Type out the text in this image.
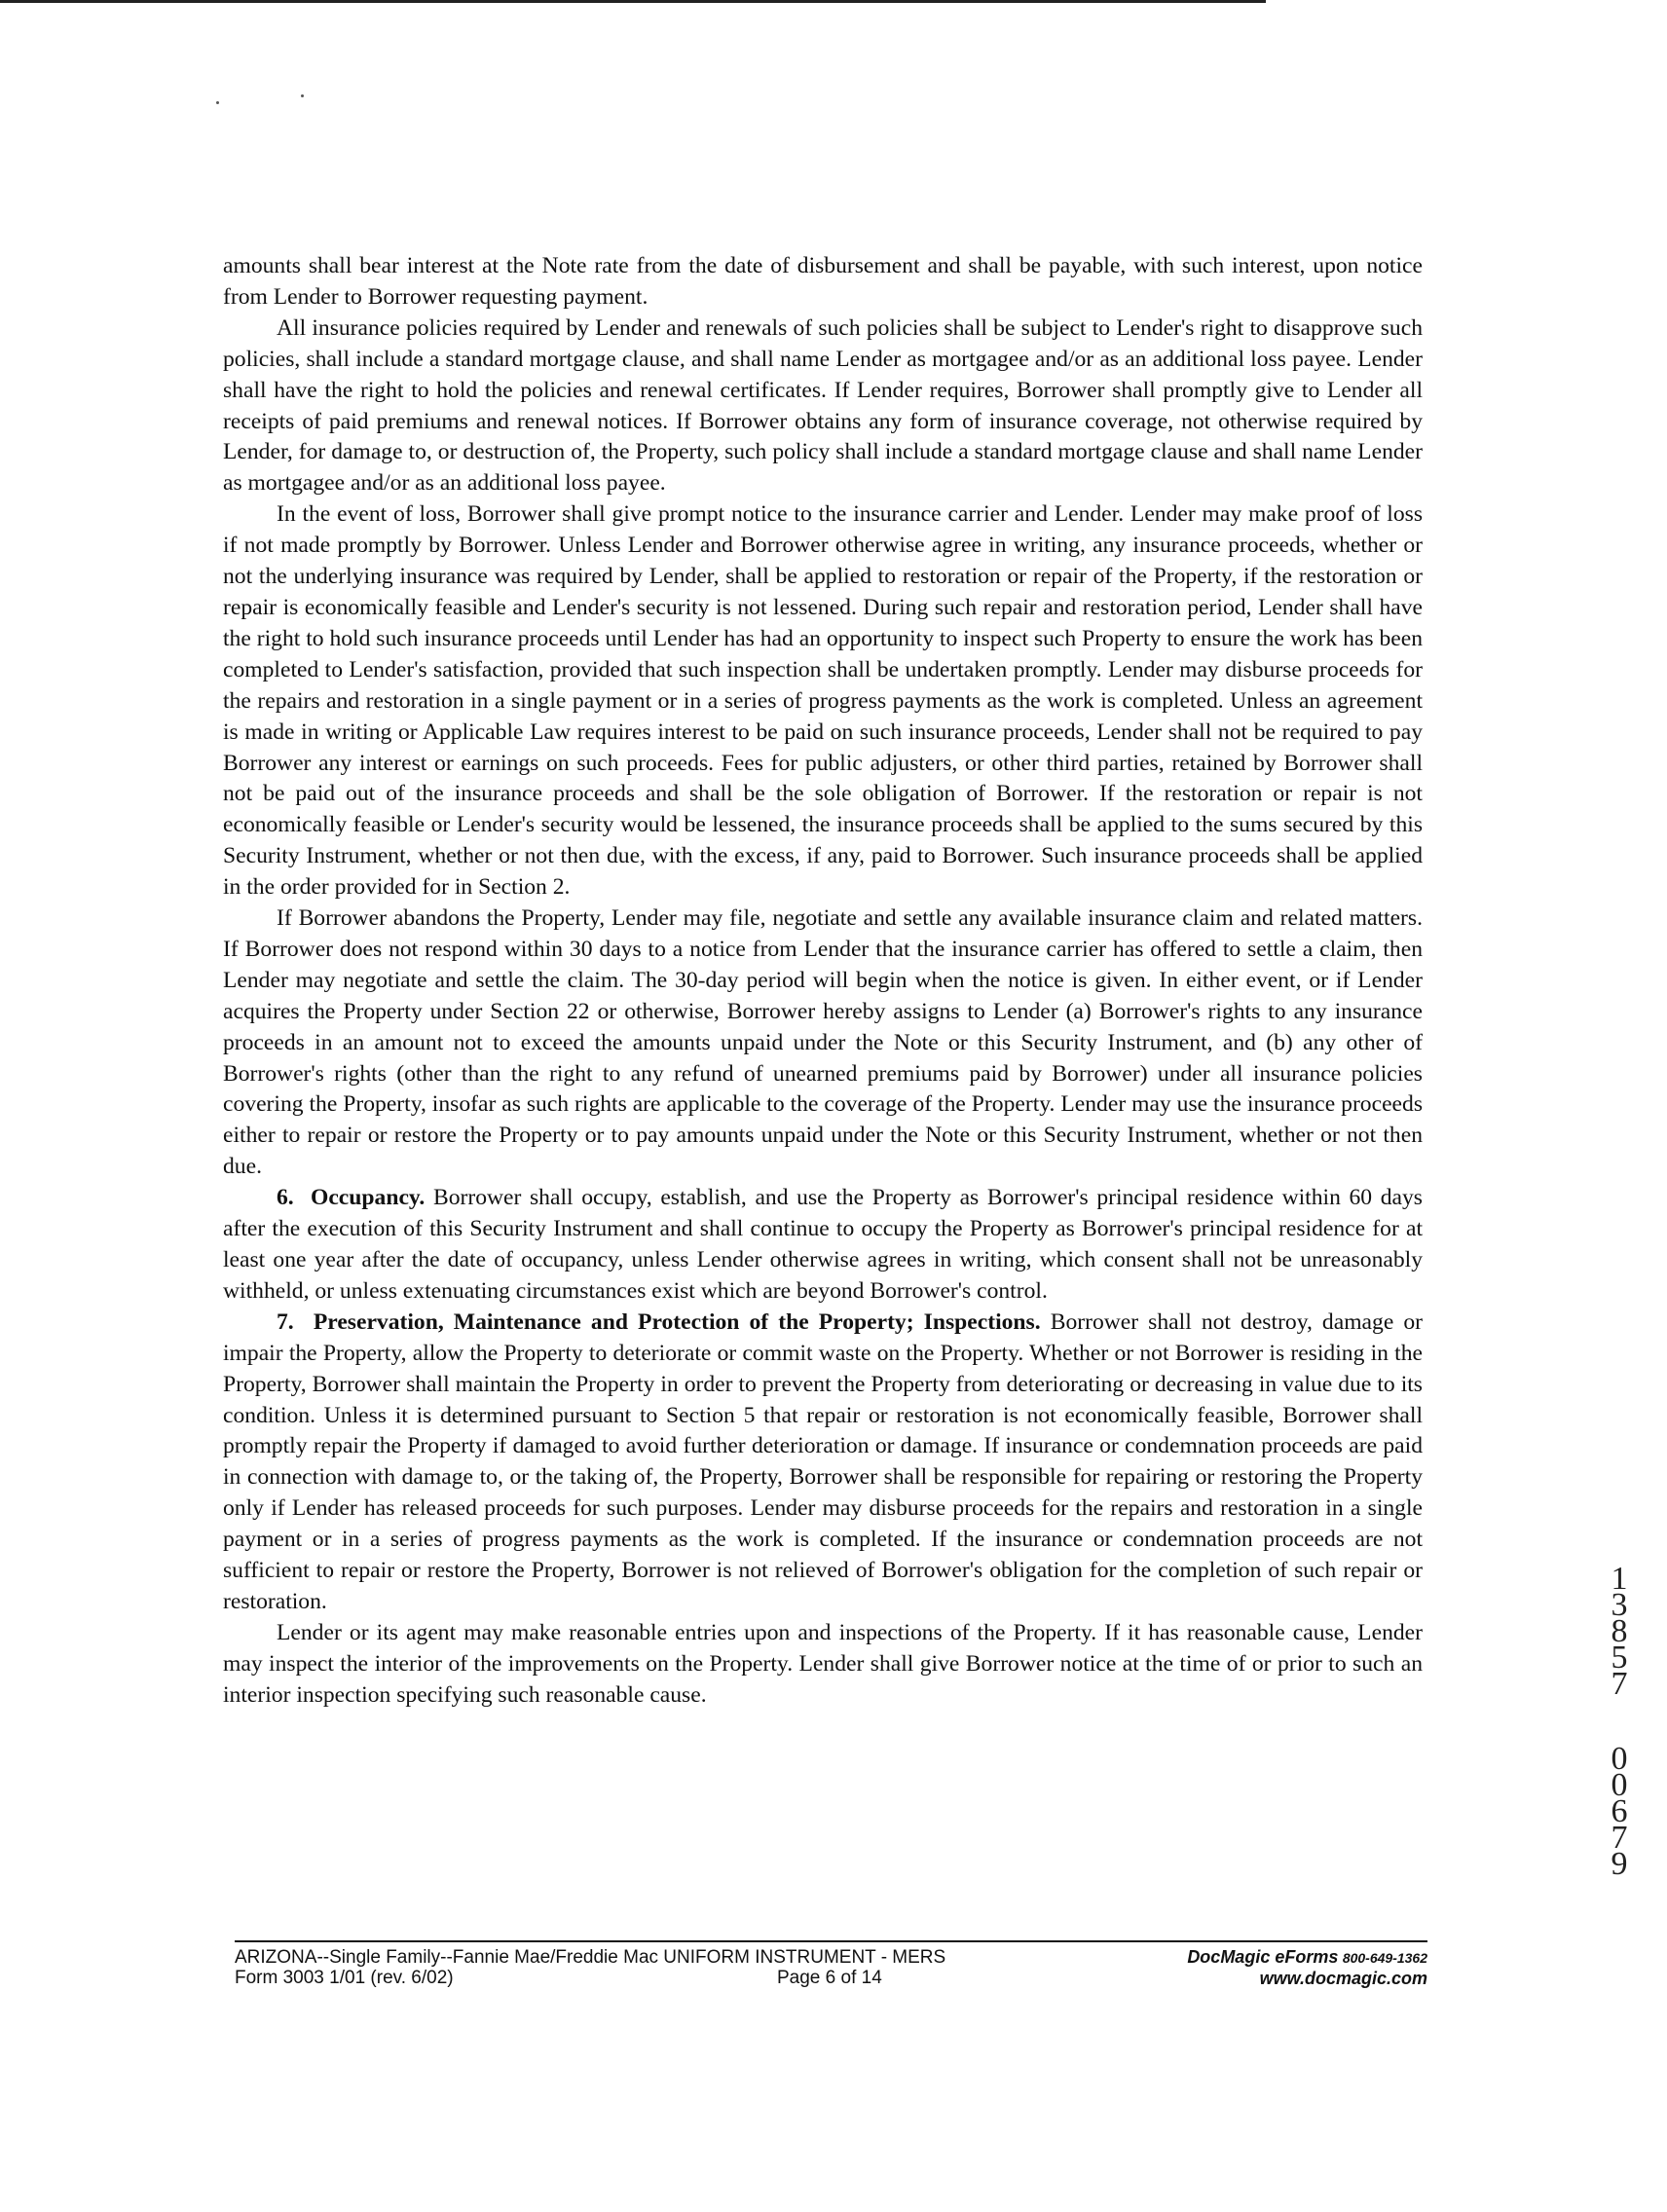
amounts shall bear interest at the Note rate from the date of disbursement and shall be payable, with such interest, upon notice from Lender to Borrower requesting payment.

All insurance policies required by Lender and renewals of such policies shall be subject to Lender's right to disapprove such policies, shall include a standard mortgage clause, and shall name Lender as mortgagee and/or as an additional loss payee. Lender shall have the right to hold the policies and renewal certificates. If Lender requires, Borrower shall promptly give to Lender all receipts of paid premiums and renewal notices. If Borrower obtains any form of insurance coverage, not otherwise required by Lender, for damage to, or destruction of, the Property, such policy shall include a standard mortgage clause and shall name Lender as mortgagee and/or as an additional loss payee.

In the event of loss, Borrower shall give prompt notice to the insurance carrier and Lender. Lender may make proof of loss if not made promptly by Borrower. Unless Lender and Borrower otherwise agree in writing, any insurance proceeds, whether or not the underlying insurance was required by Lender, shall be applied to restoration or repair of the Property, if the restoration or repair is economically feasible and Lender's security is not lessened. During such repair and restoration period, Lender shall have the right to hold such insurance proceeds until Lender has had an opportunity to inspect such Property to ensure the work has been completed to Lender's satisfaction, provided that such inspection shall be undertaken promptly. Lender may disburse proceeds for the repairs and restoration in a single payment or in a series of progress payments as the work is completed. Unless an agreement is made in writing or Applicable Law requires interest to be paid on such insurance proceeds, Lender shall not be required to pay Borrower any interest or earnings on such proceeds. Fees for public adjusters, or other third parties, retained by Borrower shall not be paid out of the insurance proceeds and shall be the sole obligation of Borrower. If the restoration or repair is not economically feasible or Lender's security would be lessened, the insurance proceeds shall be applied to the sums secured by this Security Instrument, whether or not then due, with the excess, if any, paid to Borrower. Such insurance proceeds shall be applied in the order provided for in Section 2.

If Borrower abandons the Property, Lender may file, negotiate and settle any available insurance claim and related matters. If Borrower does not respond within 30 days to a notice from Lender that the insurance carrier has offered to settle a claim, then Lender may negotiate and settle the claim. The 30-day period will begin when the notice is given. In either event, or if Lender acquires the Property under Section 22 or otherwise, Borrower hereby assigns to Lender (a) Borrower's rights to any insurance proceeds in an amount not to exceed the amounts unpaid under the Note or this Security Instrument, and (b) any other of Borrower's rights (other than the right to any refund of unearned premiums paid by Borrower) under all insurance policies covering the Property, insofar as such rights are applicable to the coverage of the Property. Lender may use the insurance proceeds either to repair or restore the Property or to pay amounts unpaid under the Note or this Security Instrument, whether or not then due.

6. Occupancy. Borrower shall occupy, establish, and use the Property as Borrower's principal residence within 60 days after the execution of this Security Instrument and shall continue to occupy the Property as Borrower's principal residence for at least one year after the date of occupancy, unless Lender otherwise agrees in writing, which consent shall not be unreasonably withheld, or unless extenuating circumstances exist which are beyond Borrower's control.

7. Preservation, Maintenance and Protection of the Property; Inspections. Borrower shall not destroy, damage or impair the Property, allow the Property to deteriorate or commit waste on the Property. Whether or not Borrower is residing in the Property, Borrower shall maintain the Property in order to prevent the Property from deteriorating or decreasing in value due to its condition. Unless it is determined pursuant to Section 5 that repair or restoration is not economically feasible, Borrower shall promptly repair the Property if damaged to avoid further deterioration or damage. If insurance or condemnation proceeds are paid in connection with damage to, or the taking of, the Property, Borrower shall be responsible for repairing or restoring the Property only if Lender has released proceeds for such purposes. Lender may disburse proceeds for the repairs and restoration in a single payment or in a series of progress payments as the work is completed. If the insurance or condemnation proceeds are not sufficient to repair or restore the Property, Borrower is not relieved of Borrower's obligation for the completion of such repair or restoration.

Lender or its agent may make reasonable entries upon and inspections of the Property. If it has reasonable cause, Lender may inspect the interior of the improvements on the Property. Lender shall give Borrower notice at the time of or prior to such an interior inspection specifying such reasonable cause.

1
3
8
5
7
0
0
6
7
9
ARIZONA--Single Family--Fannie Mae/Freddie Mac UNIFORM INSTRUMENT - MERS
Form 3003 1/01 (rev. 6/02)	Page 6 of 14
DocMagic eForms 800-649-1362
www.docmagic.com
